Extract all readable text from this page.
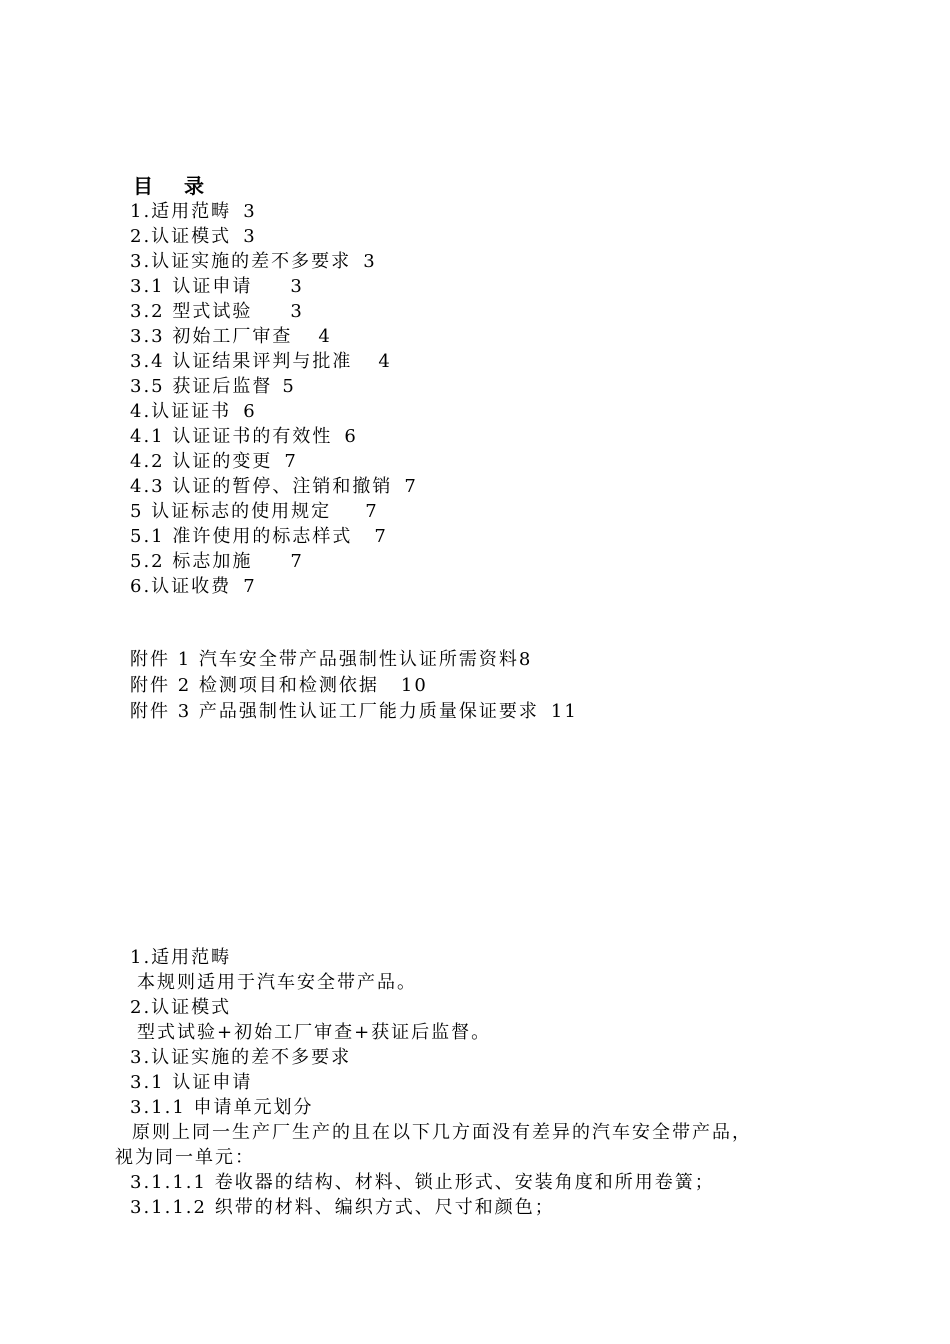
目 录
1.适用范畴 3
2.认证模式 3
3.认证实施的差不多要求 3
3.1 认证申请 3
3.2 型式试验 3
3.3 初始工厂审查 4
3.4 认证结果评判与批准 4
3.5 获证后监督 5
4.认证证书 6
4.1 认证证书的有效性 6
4.2 认证的变更 7
4.3 认证的暂停、注销和撤销 7
5 认证标志的使用规定 7
5.1 准许使用的标志样式 7
5.2 标志加施 7
6.认证收费 7
附件 1 汽车安全带产品强制性认证所需资料8
附件 2 检测项目和检测依据 10
附件 3 产品强制性认证工厂能力质量保证要求 11
1.适用范畴
本规则适用于汽车安全带产品。
2.认证模式
型式试验+初始工厂审查+获证后监督。
3.认证实施的差不多要求
3.1 认证申请
3.1.1 申请单元划分
原则上同一生产厂生产的且在以下几方面没有差异的汽车安全带产品，
视为同一单元：
3.1.1.1 卷收器的结构、材料、锁止形式、安装角度和所用卷簧；
3.1.1.2 织带的材料、编织方式、尺寸和颜色；
